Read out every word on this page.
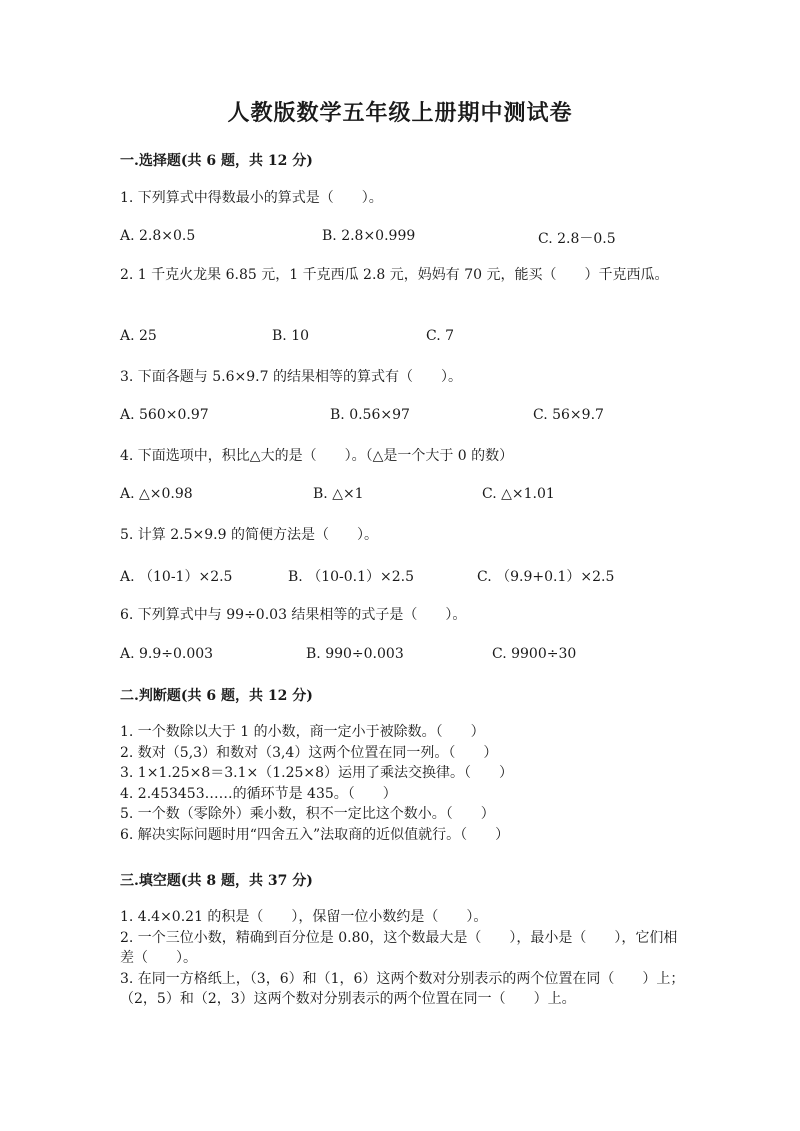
人教版数学五年级上册期中测试卷
一.选择题(共 6 题，共 12 分)
1. 下列算式中得数最小的算式是（　　）。
A. 2.8×0.5	B. 2.8×0.999	C. 2.8－0.5
2. 1 千克火龙果 6.85 元，1 千克西瓜 2.8 元，妈妈有 70 元，能买（　　）千克西瓜。
A. 25	B. 10	C. 7
3. 下面各题与 5.6×9.7 的结果相等的算式有（　　）。
A. 560×0.97	B. 0.56×97	C. 56×9.7
4. 下面选项中，积比△大的是（　　）。（△是一个大于 0 的数）
A. △×0.98	B. △×1	C. △×1.01
5. 计算 2.5×9.9 的简便方法是（　　）。
A. （10-1）×2.5	B. （10-0.1）×2.5	C. （9.9+0.1）×2.5
6. 下列算式中与 99÷0.03 结果相等的式子是（　　）。
A. 9.9÷0.003	B. 990÷0.003	C. 9900÷30
二.判断题(共 6 题，共 12 分)
1. 一个数除以大于 1 的小数，商一定小于被除数。（　　）
2. 数对（5,3）和数对（3,4）这两个位置在同一列。（　　）
3. 1×1.25×8＝3.1×（1.25×8）运用了乘法交换律。（　　）
4. 2.453453……的循环节是 435。（　　）
5. 一个数（零除外）乘小数，积不一定比这个数小。（　　）
6. 解决实际问题时用“四舍五入”法取商的近似值就行。（　　）
三.填空题(共 8 题，共 37 分)
1. 4.4×0.21 的积是（　　），保留一位小数约是（　　）。
2. 一个三位小数，精确到百分位是 0.80，这个数最大是（　　），最小是（　　），它们相差（　　）。
3. 在同一方格纸上，（3，6）和（1，6）这两个数对分别表示的两个位置在同（　　）上；（2，5）和（2，3）这两个数对分别表示的两个位置在同一（　　）上。
